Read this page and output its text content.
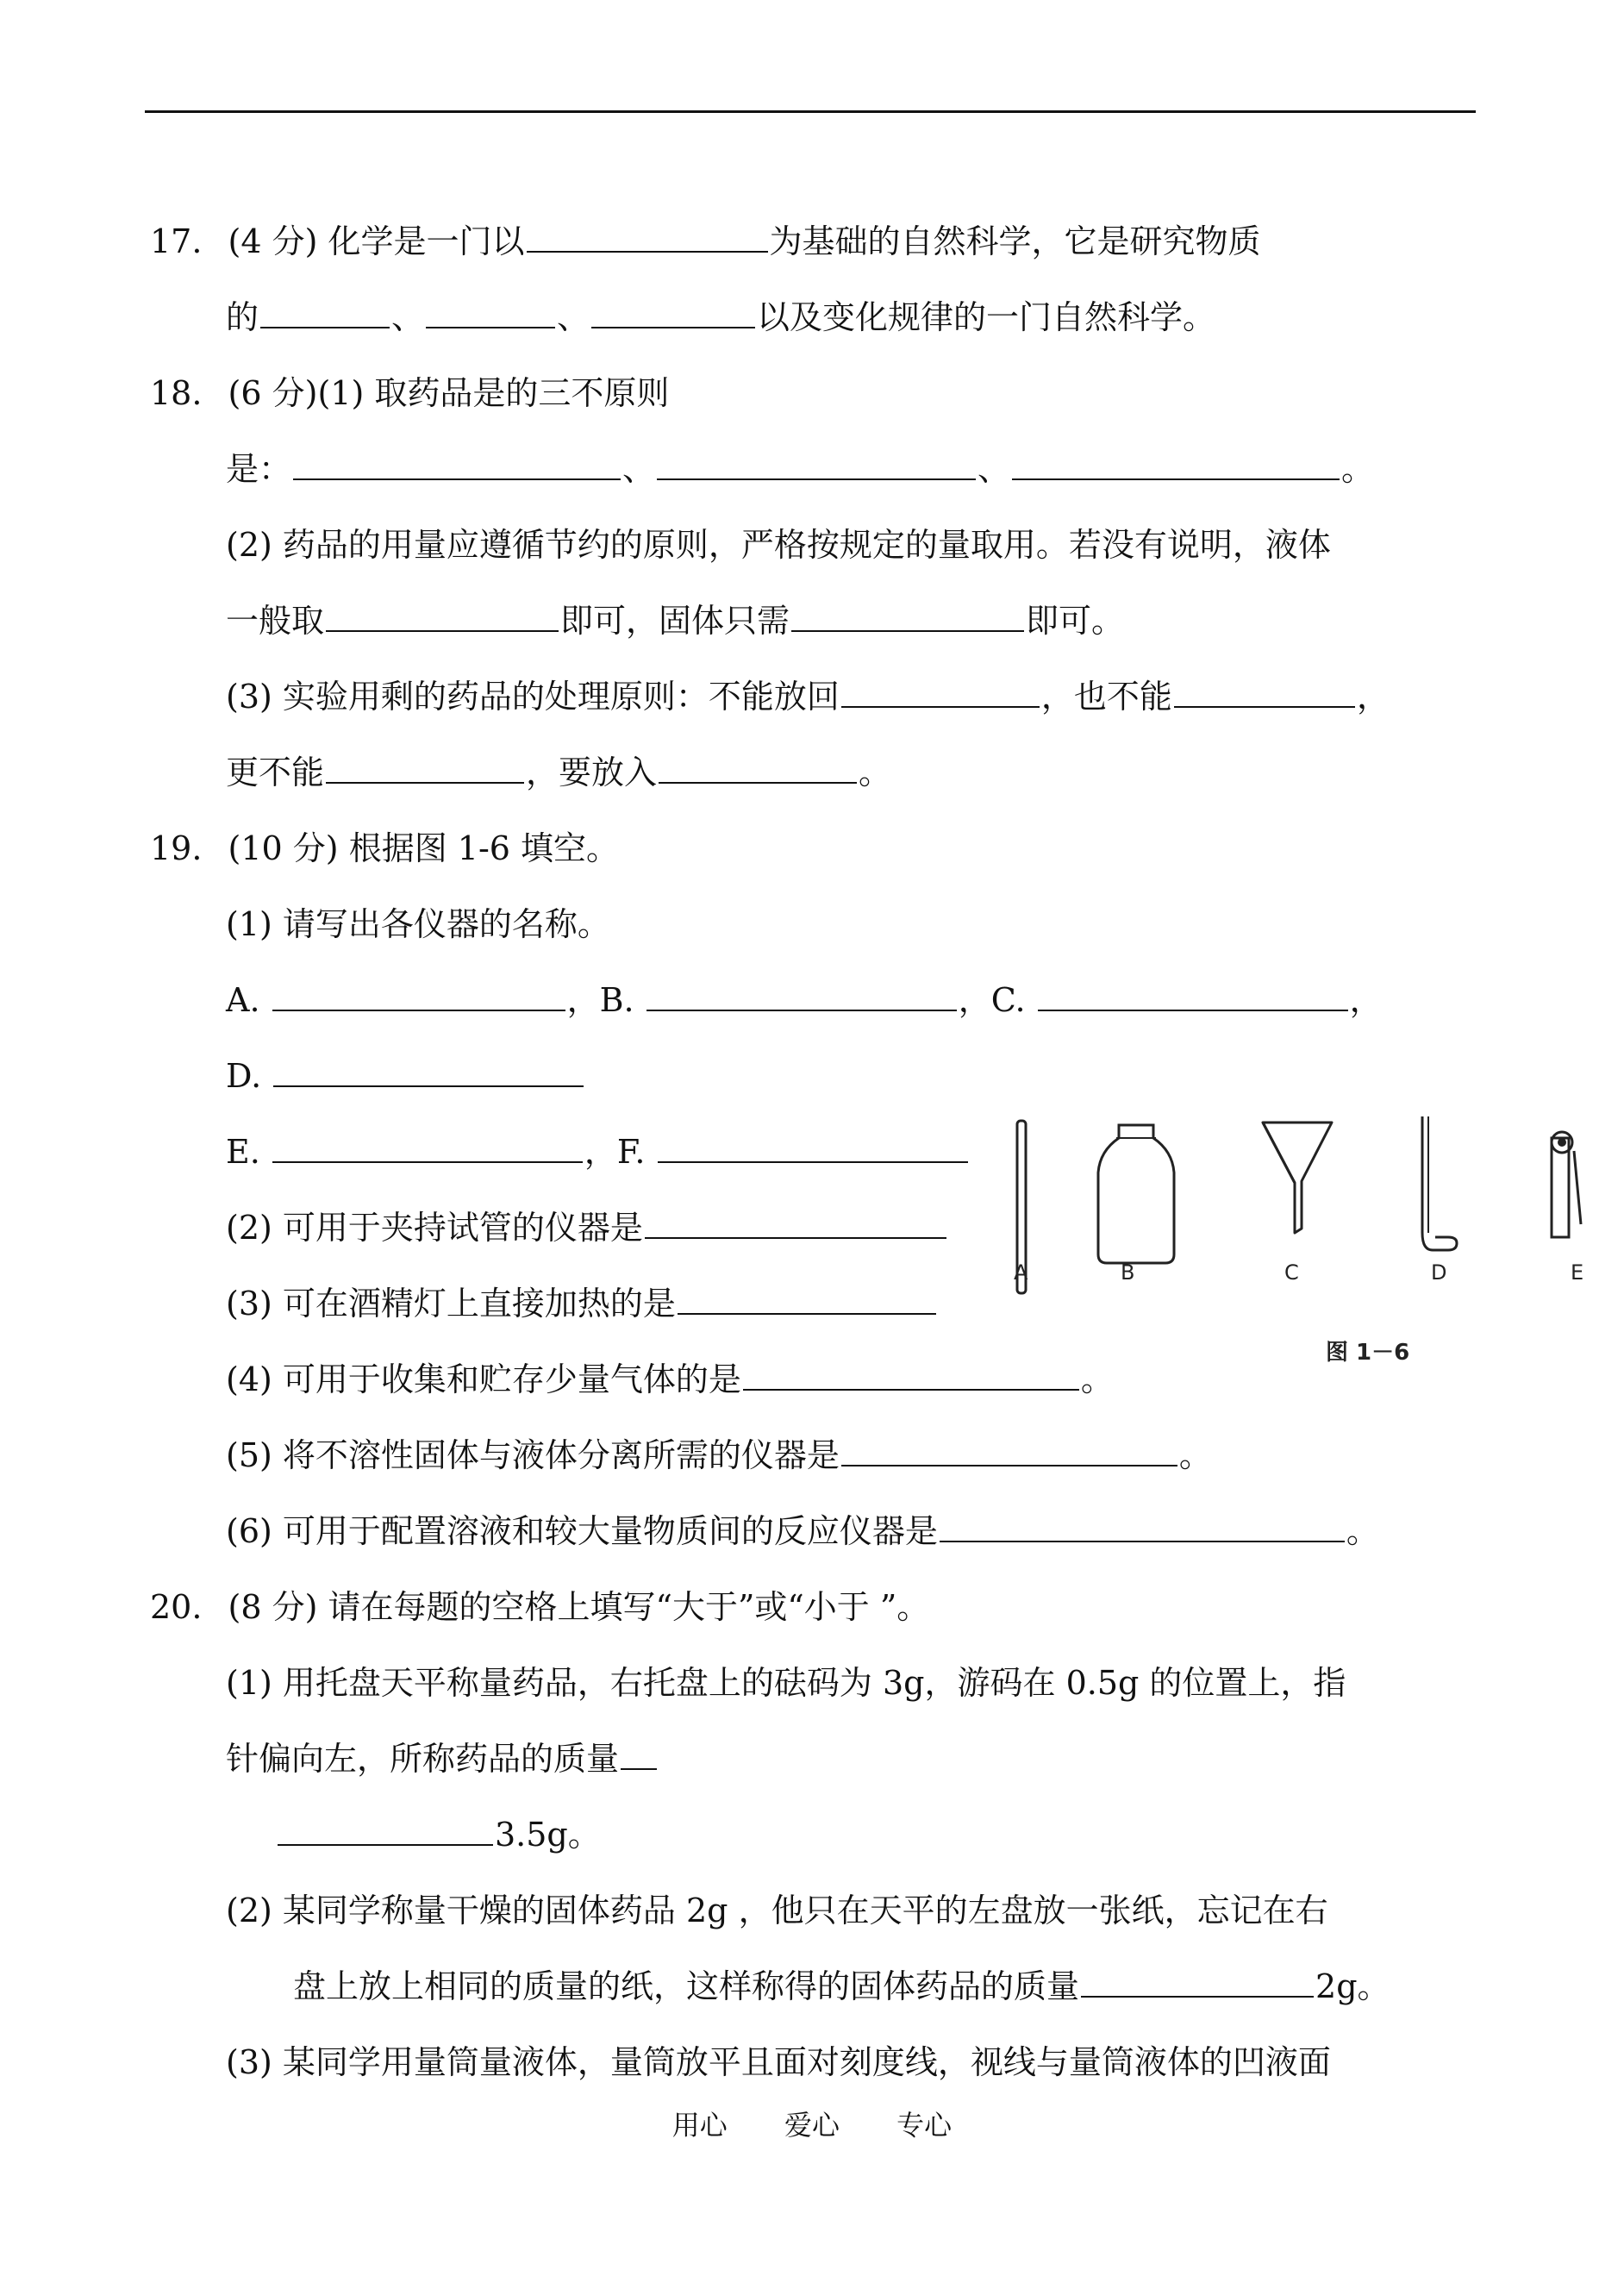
17. (4 分) 化学是一门以	为基础的自然科学，它是研究物质
的	、	、	以及变化规律的一门自然科学。
18. (6 分)(1) 取药品是的三不原则
是：	、	、	。
(2) 药品的用量应遵循节约的原则，严格按规定的量取用。若没有说明，液体
一般取	即可，固体只需	即可。
(3) 实验用剩的药品的处理原则：不能放回	，也不能	，
更不能	，要放入	。
19. (10 分) 根据图 1-6 填空。
(1) 请写出各仪器的名称。
A.	，B.	，C.	，
D.
E.	，F.
(2) 可用于夹持试管的仪器是
(3) 可在酒精灯上直接加热的是
(4) 可用于收集和贮存少量气体的是	。
(5) 将不溶性固体与液体分离所需的仪器是	。
(6) 可用于配置溶液和较大量物质间的反应仪器是	。
A	B	C	D	E
图 1－6
20. (8 分) 请在每题的空格上填写“大于”或“小于 ”。
(1) 用托盘天平称量药品，右托盘上的砝码为 3g，游码在 0.5g 的位置上，指
针偏向左，所称药品的质量
3.5g。
(2) 某同学称量干燥的固体药品 2g ，他只在天平的左盘放一张纸，忘记在右
盘上放上相同的质量的纸，这样称得的固体药品的质量	2g。
(3) 某同学用量筒量液体，量筒放平且面对刻度线，视线与量筒液体的凹液面
用心 爱心 专心
